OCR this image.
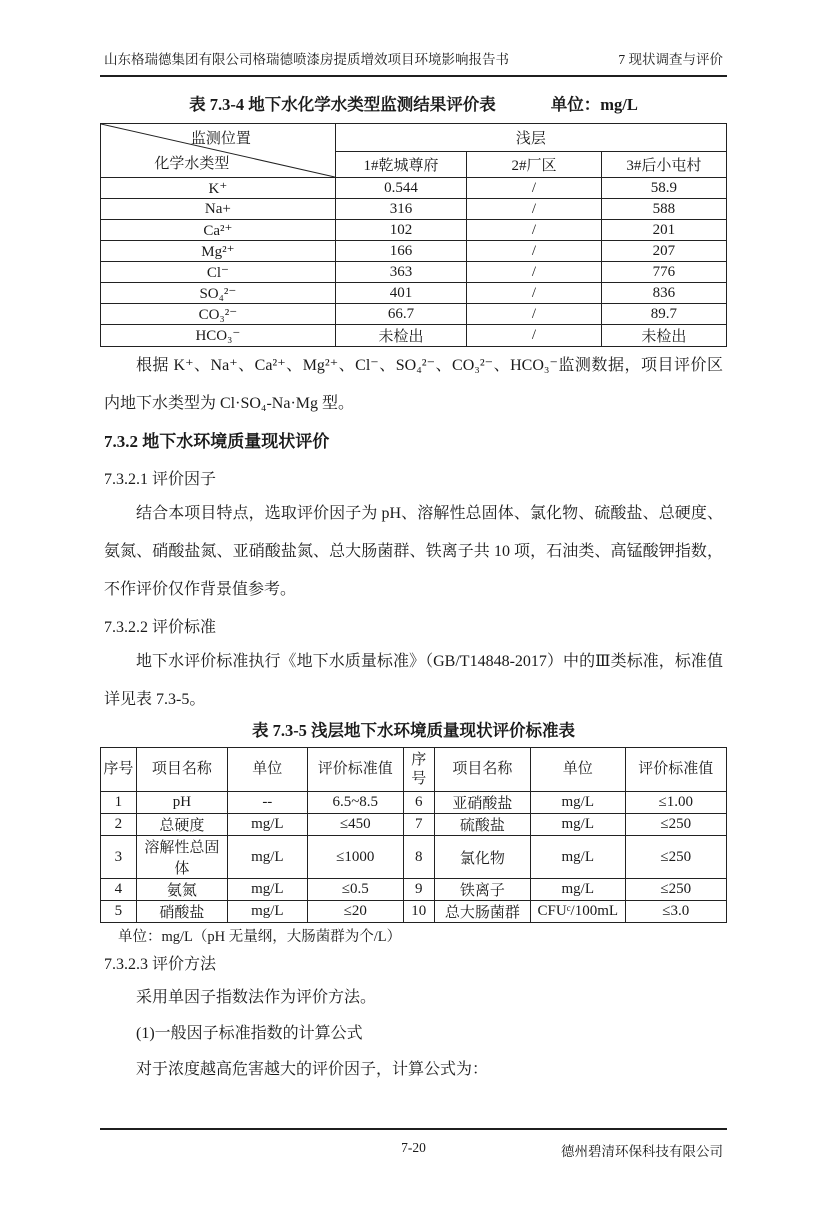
山东格瑞德集团有限公司格瑞德喷漆房提质增效项目环境影响报告书	7 现状调查与评价
表 7.3-4 地下水化学水类型监测结果评价表	单位：mg/L
监测位置
化学水类型	浅层		
	1#乾城尊府	2#厂区	3#后小屯村
K⁺	0.544	/	58.9
Na+	316	/	588
Ca²⁺	102	/	201
Mg²⁺	166	/	207
Cl⁻	363	/	776
SO₄²⁻	401	/	836
CO₃²⁻	66.7	/	89.7
HCO₃⁻	未检出	/	未检出

根据 K⁺、Na⁺、Ca²⁺、Mg²⁺、Cl⁻、SO₄²⁻、CO₃²⁻、HCO₃⁻监测数据，项目评价区内地下水类型为 Cl·SO₄-Na·Mg 型。

7.3.2 地下水环境质量现状评价
7.3.2.1 评价因子

结合本项目特点，选取评价因子为 pH、溶解性总固体、氯化物、硫酸盐、总硬度、氨氮、硝酸盐氮、亚硝酸盐氮、总大肠菌群、铁离子共 10 项，石油类、高锰酸钾指数，不作评价仅作背景值参考。

7.3.2.2 评价标准

地下水评价标准执行《地下水质量标准》（GB/T14848-2017）中的Ⅲ类标准，标准值详见表 7.3-5。

表 7.3-5 浅层地下水环境质量现状评价标准表
序号	项目名称	单位	评价标准值	序号	项目名称	单位	评价标准值
1	pH	--	6.5~8.5	6	亚硝酸盐	mg/L	≤1.00
2	总硬度	mg/L	≤450	7	硫酸盐	mg/L	≤250
3	溶解性总固体	mg/L	≤1000	8	氯化物	mg/L	≤250
4	氨氮	mg/L	≤0.5	9	铁离子	mg/L	≤250
5	硝酸盐	mg/L	≤20	10	总大肠菌群	CFUᶜ/100mL	≤3.0
单位：mg/L（pH 无量纲，大肠菌群为个/L）
7.3.2.3 评价方法

采用单因子指数法作为评价方法。

(1)一般因子标准指数的计算公式

对于浓度越高危害越大的评价因子，计算公式为：

7-20	德州碧清环保科技有限公司
